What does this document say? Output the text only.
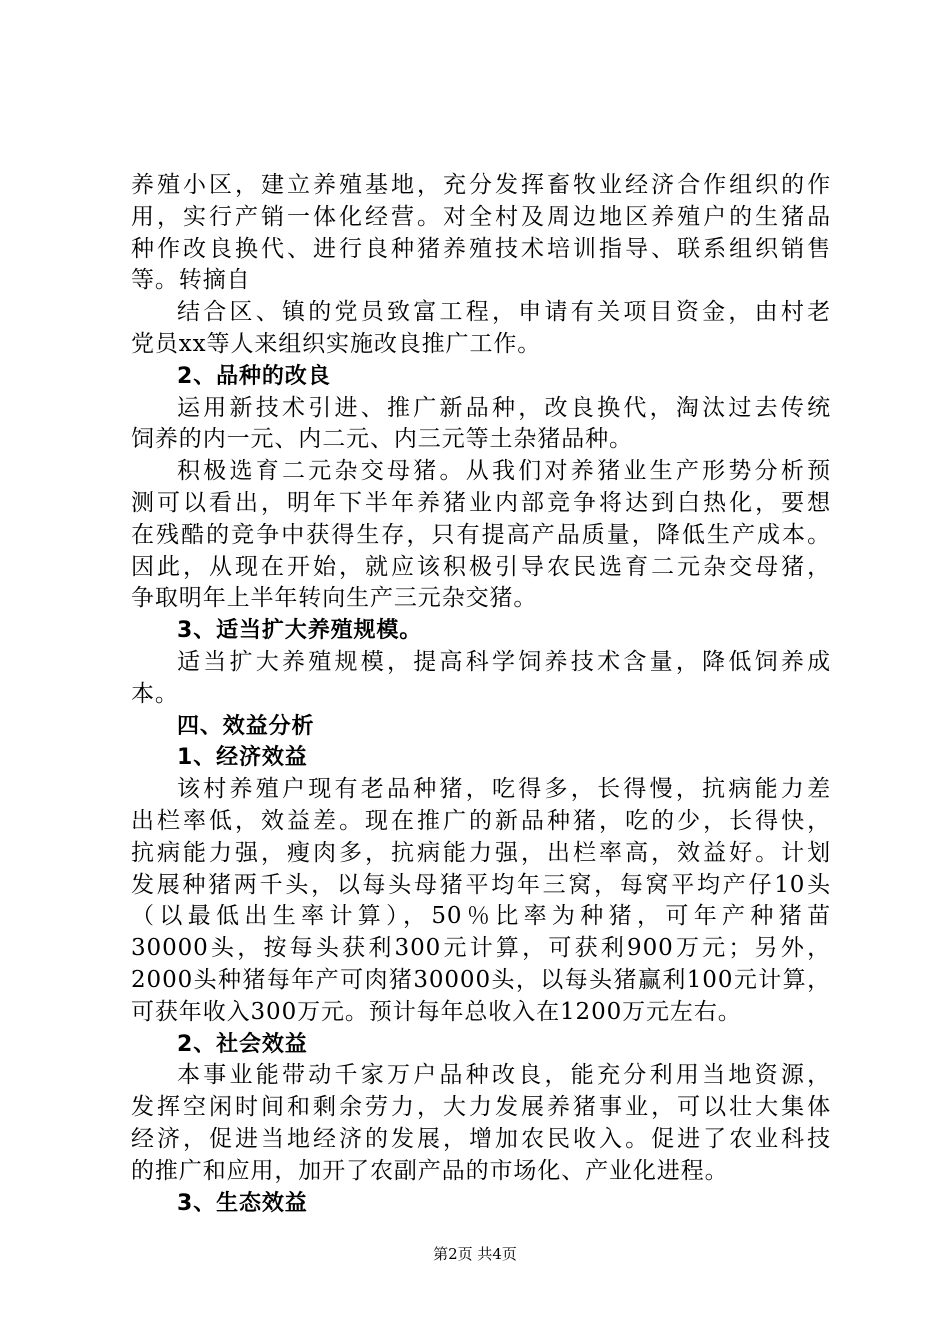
养殖小区，建立养殖基地，充分发挥畜牧业经济合作组织的作
用，实行产销一体化经营。对全村及周边地区养殖户的生猪品
种作改良换代、进行良种猪养殖技术培训指导、联系组织销售
等。转摘自
结合区、镇的党员致富工程，申请有关项目资金，由村老
党员xx等人来组织实施改良推广工作。
2、品种的改良
运用新技术引进、推广新品种，改良换代，淘汰过去传统
饲养的内一元、内二元、内三元等土杂猪品种。
积极选育二元杂交母猪。从我们对养猪业生产形势分析预
测可以看出，明年下半年养猪业内部竞争将达到白热化，要想
在残酷的竞争中获得生存，只有提高产品质量，降低生产成本。
因此，从现在开始，就应该积极引导农民选育二元杂交母猪，
争取明年上半年转向生产三元杂交猪。
3、适当扩大养殖规模。
适当扩大养殖规模，提高科学饲养技术含量，降低饲养成
本。
四、效益分析
1、经济效益
该村养殖户现有老品种猪，吃得多，长得慢，抗病能力差
出栏率低，效益差。现在推广的新品种猪，吃的少，长得快，
抗病能力强，瘦肉多，抗病能力强，出栏率高，效益好。计划
发展种猪两千头，以每头母猪平均年三窝，每窝平均产仔10头
（以最低出生率计算），50％比率为种猪，可年产种猪苗
30000头，按每头获利300元计算，可获利900万元；另外，
2000头种猪每年产可肉猪30000头，以每头猪赢利100元计算，
可获年收入300万元。预计每年总收入在1200万元左右。
2、社会效益
本事业能带动千家万户品种改良，能充分利用当地资源，
发挥空闲时间和剩余劳力，大力发展养猪事业，可以壮大集体
经济，促进当地经济的发展，增加农民收入。促进了农业科技
的推广和应用，加开了农副产品的市场化、产业化进程。
3、生态效益
第2页 共4页
